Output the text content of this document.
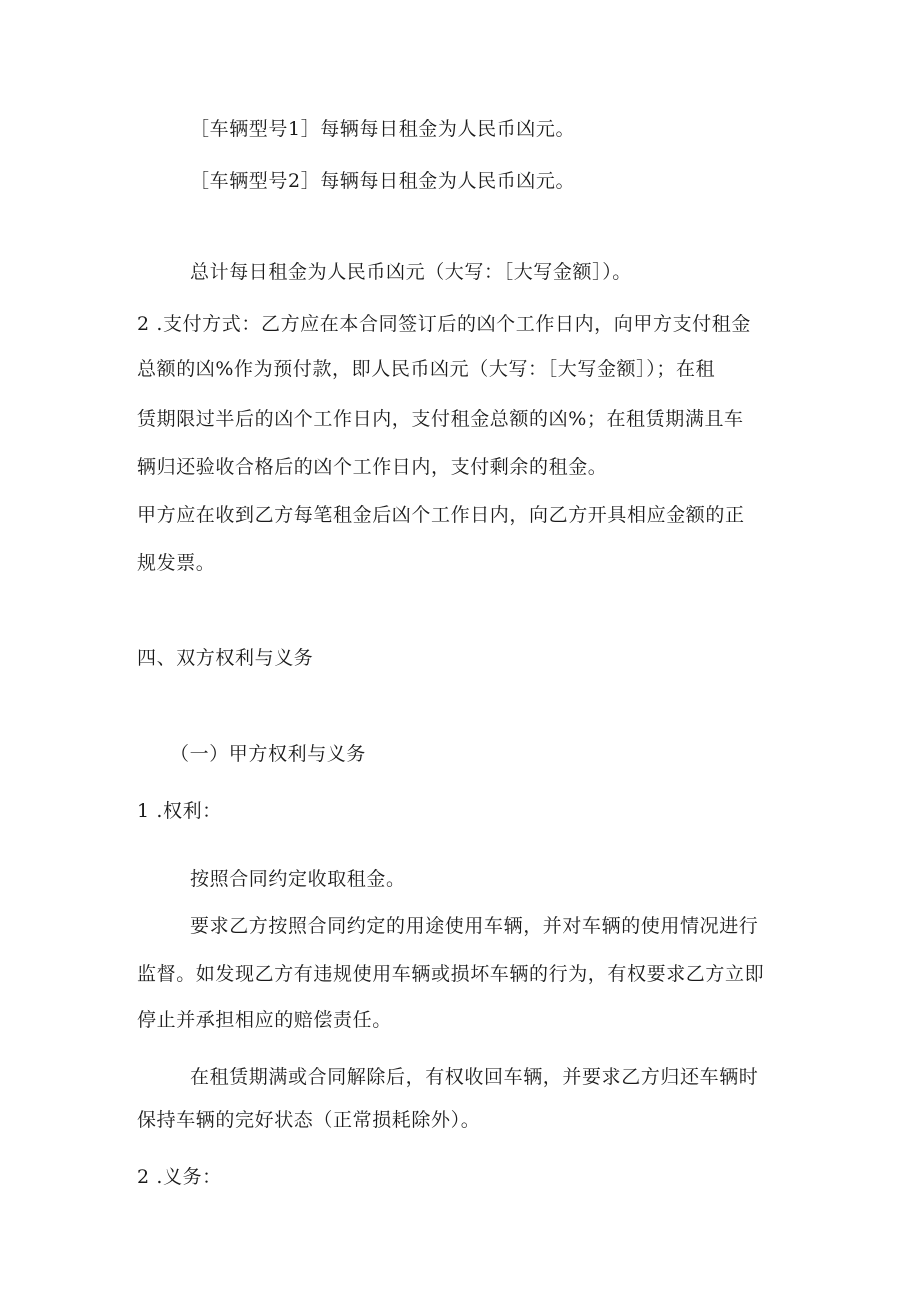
［车辆型号1］每辆每日租金为人民币凶元。

［车辆型号2］每辆每日租金为人民币凶元。

总计每日租金为人民币凶元（大写：［大写金额］）。

2 .支付方式：乙方应在本合同签订后的凶个工作日内，向甲方支付租金

总额的凶%作为预付款，即人民币凶元（大写：［大写金额］）；在租

赁期限过半后的凶个工作日内，支付租金总额的凶%；在租赁期满且车

辆归还验收合格后的凶个工作日内，支付剩余的租金。

甲方应在收到乙方每笔租金后凶个工作日内，向乙方开具相应金额的正

规发票。

四、双方权利与义务

（一）甲方权利与义务

1 .权利：

按照合同约定收取租金。

要求乙方按照合同约定的用途使用车辆，并对车辆的使用情况进行

监督。如发现乙方有违规使用车辆或损坏车辆的行为，有权要求乙方立即

停止并承担相应的赔偿责任。

在租赁期满或合同解除后，有权收回车辆，并要求乙方归还车辆时

保持车辆的完好状态（正常损耗除外）。

2 .义务：
